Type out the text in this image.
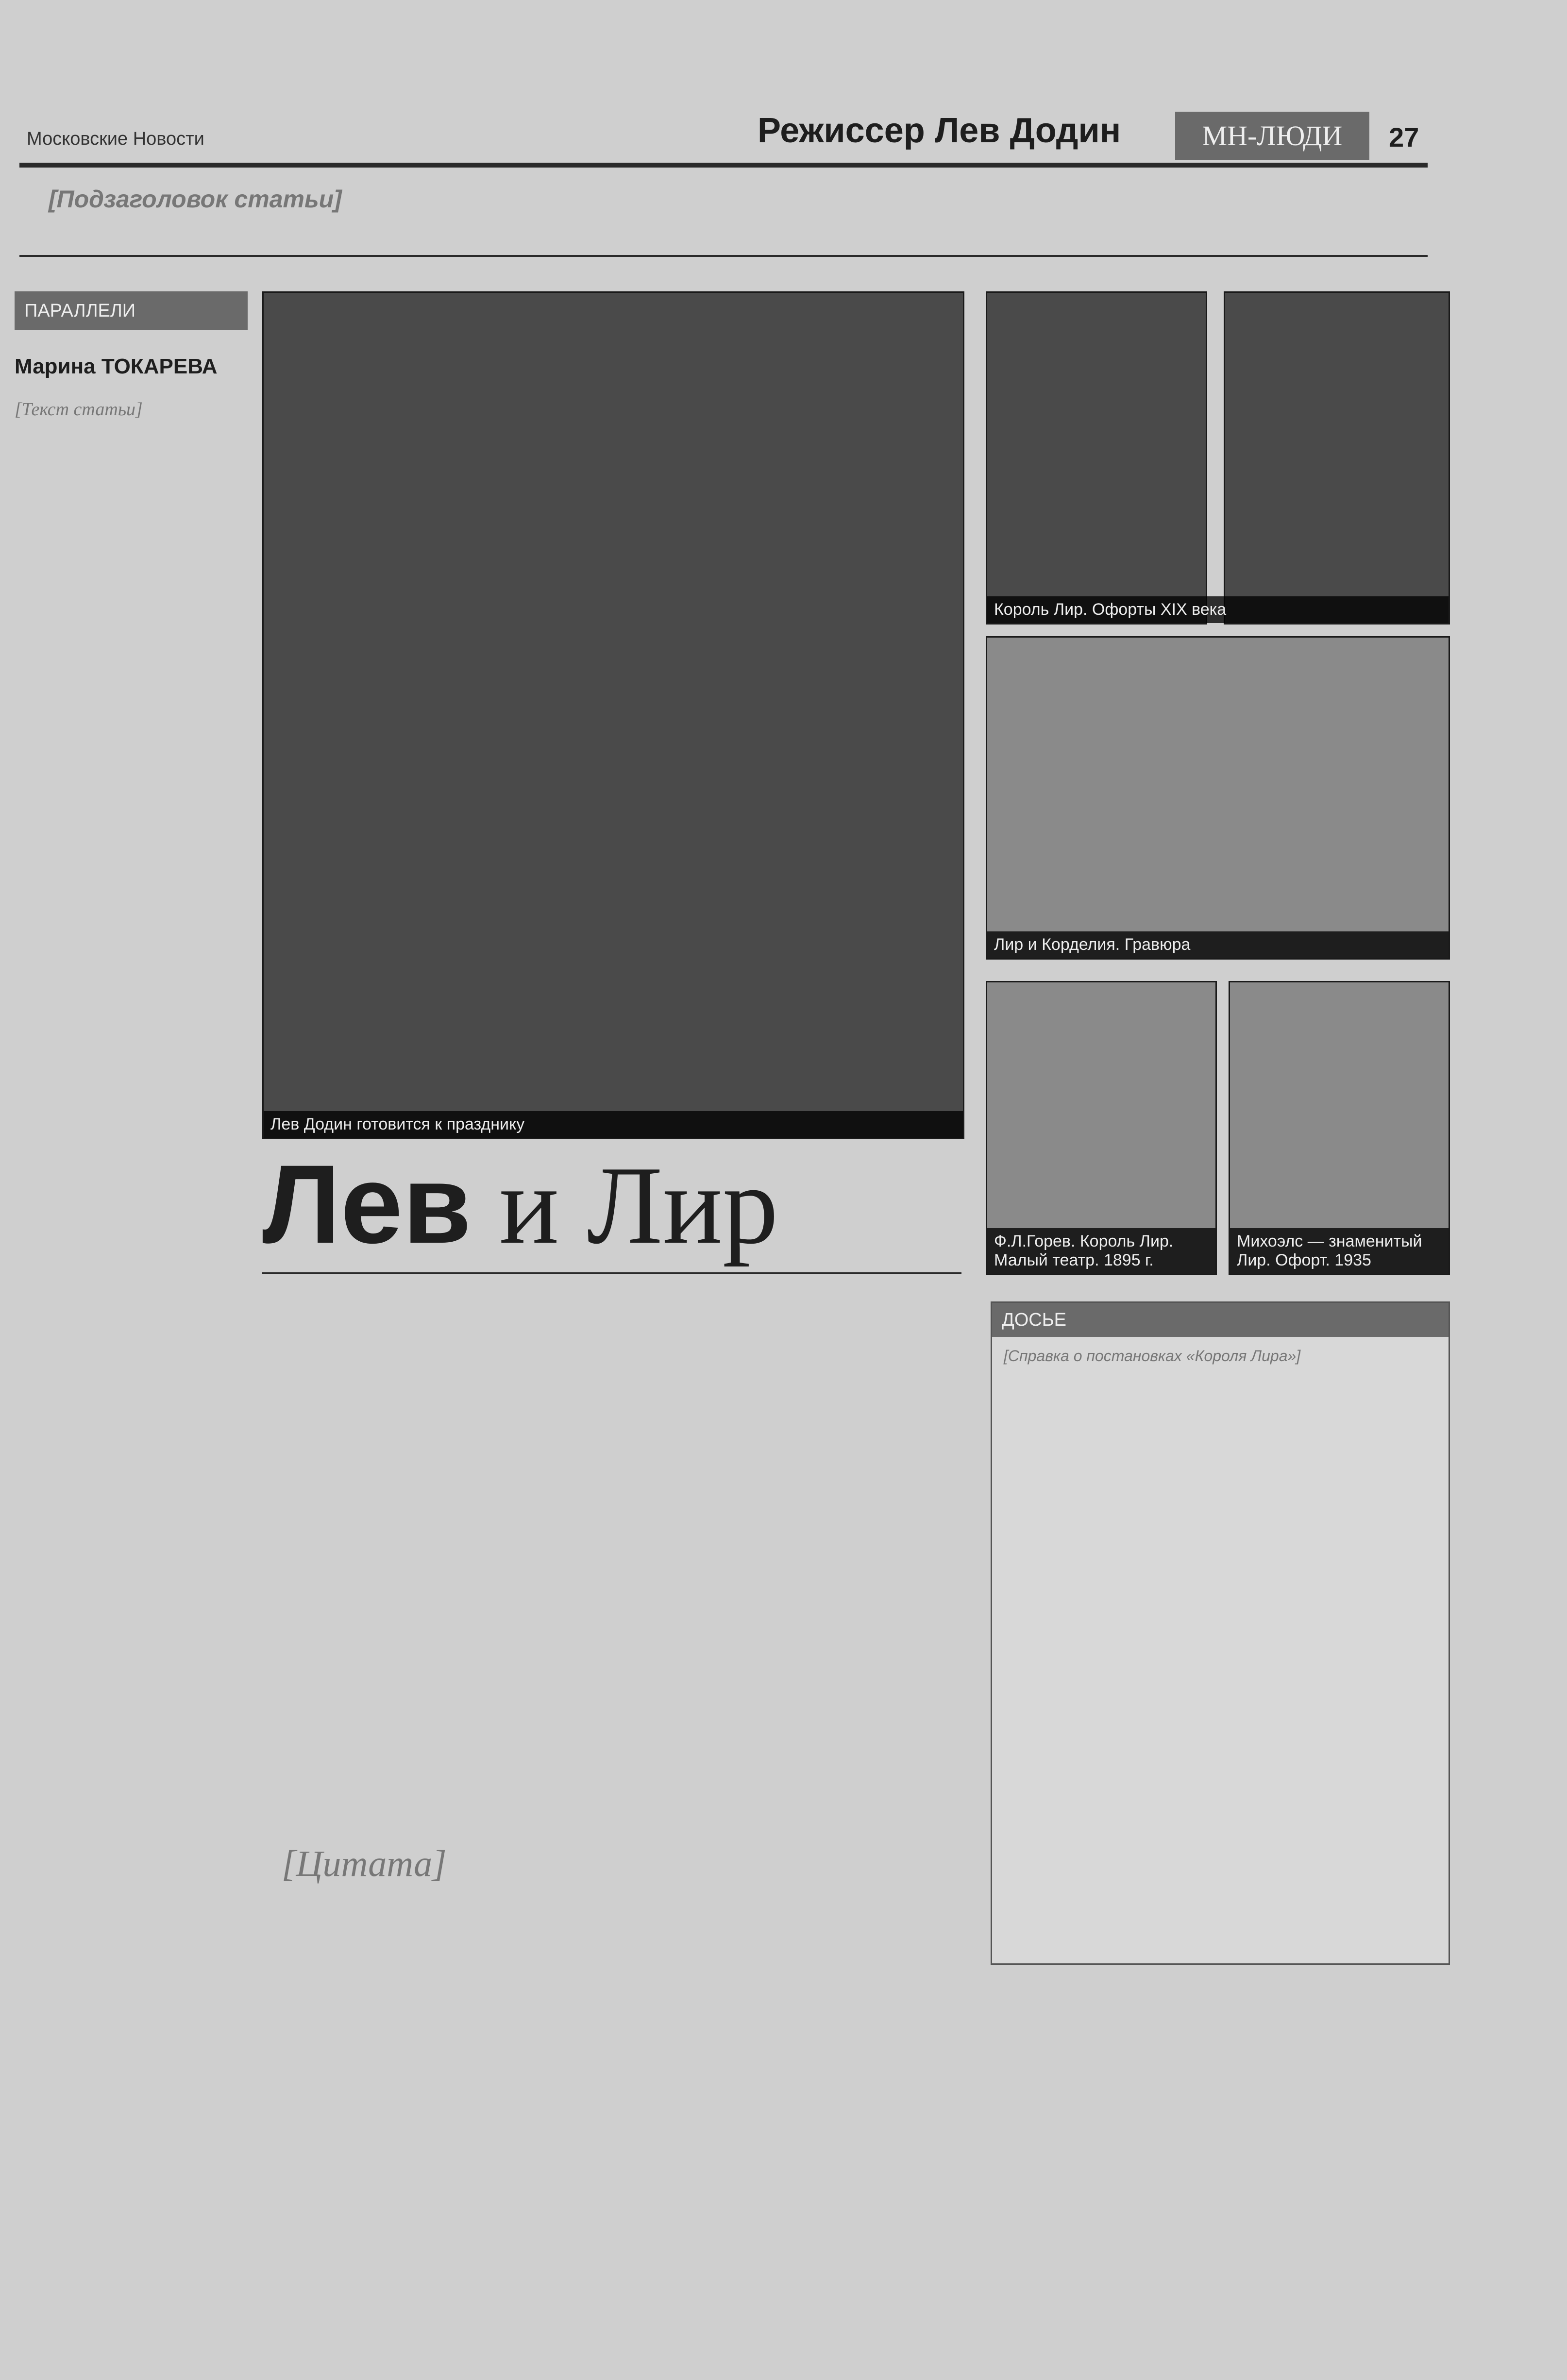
Московские Новости	Режиссер Лев Додин	МН-ЛЮДИ	27
[Подзаголовок статьи]
ПАРАЛЛЕЛИ
Марина ТОКАРЕВА

[Текст статьи]

Лев Додин готовится к празднику
Король Лир. Офорты XIX века
Лир и Корделия. Гравюра
Ф.Л.Горев. Король Лир. Малый театр. 1895 г.
Михоэлс — знаменитый Лир. Офорт. 1935
Лев и Лир
ДОСЬЕ
[Справка о постановках «Короля Лира»]
[Цитата]
